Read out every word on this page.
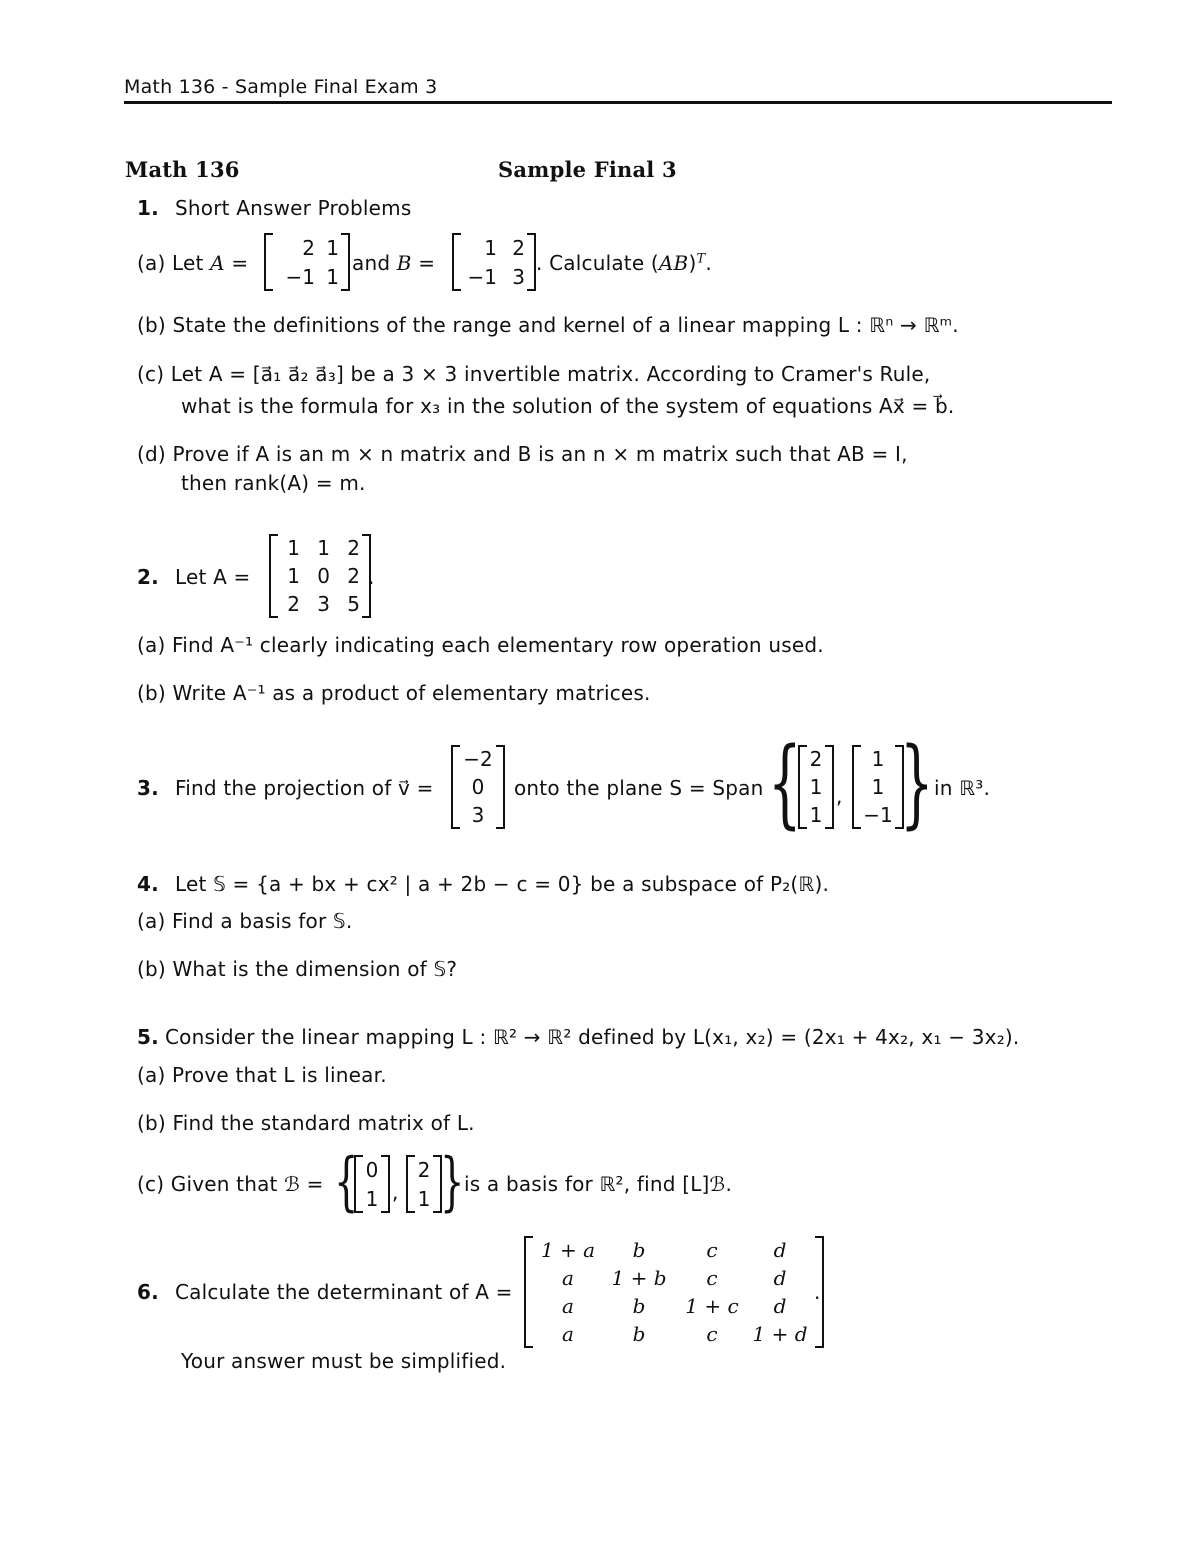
Math 136 - Sample Final Exam 3
Math 136	Sample Final 3
1. Short Answer Problems
(a) Let A =
2 1
−1 1
and B =
1 2
−1 3
. Calculate (AB)$^T$.
(b) State the definitions of the range and kernel of a linear mapping L : ℝⁿ → ℝᵐ.
(c) Let A = [a⃗₁ a⃗₂ a⃗₃] be a 3 × 3 invertible matrix. According to Cramer's Rule,
what is the formula for x₃ in the solution of the system of equations Ax⃗ = b⃗.
(d) Prove if A is an m × n matrix and B is an n × m matrix such that AB = I,
then rank(A) = m.
2. Let A =
1 1 2
1 0 2
2 3 5
.
(a) Find A⁻¹ clearly indicating each elementary row operation used.
(b) Write A⁻¹ as a product of elementary matrices.
3. Find the projection of v⃗ =
−2
0
3
onto the plane S = Span { 2
1
1
,
1
1
−1 } in ℝ³.
4. Let 𝕊 = {a + bx + cx² | a + 2b − c = 0} be a subspace of P₂(ℝ).
(a) Find a basis for 𝕊.
(b) What is the dimension of 𝕊?
5. Consider the linear mapping L : ℝ² → ℝ² defined by L(x₁, x₂) = (2x₁ + 4x₂, x₁ − 3x₂).
(a) Prove that L is linear.
(b) Find the standard matrix of L.
(c) Given that ℬ = { 0
1 ,
2
1 } is a basis for ℝ², find [L]ℬ.
6. Calculate the determinant of A =
1 + a	b	c	d
a	1 + b	c	d
a	b	1 + c	d
a	b	c	1 + d
.
Your answer must be simplified.
